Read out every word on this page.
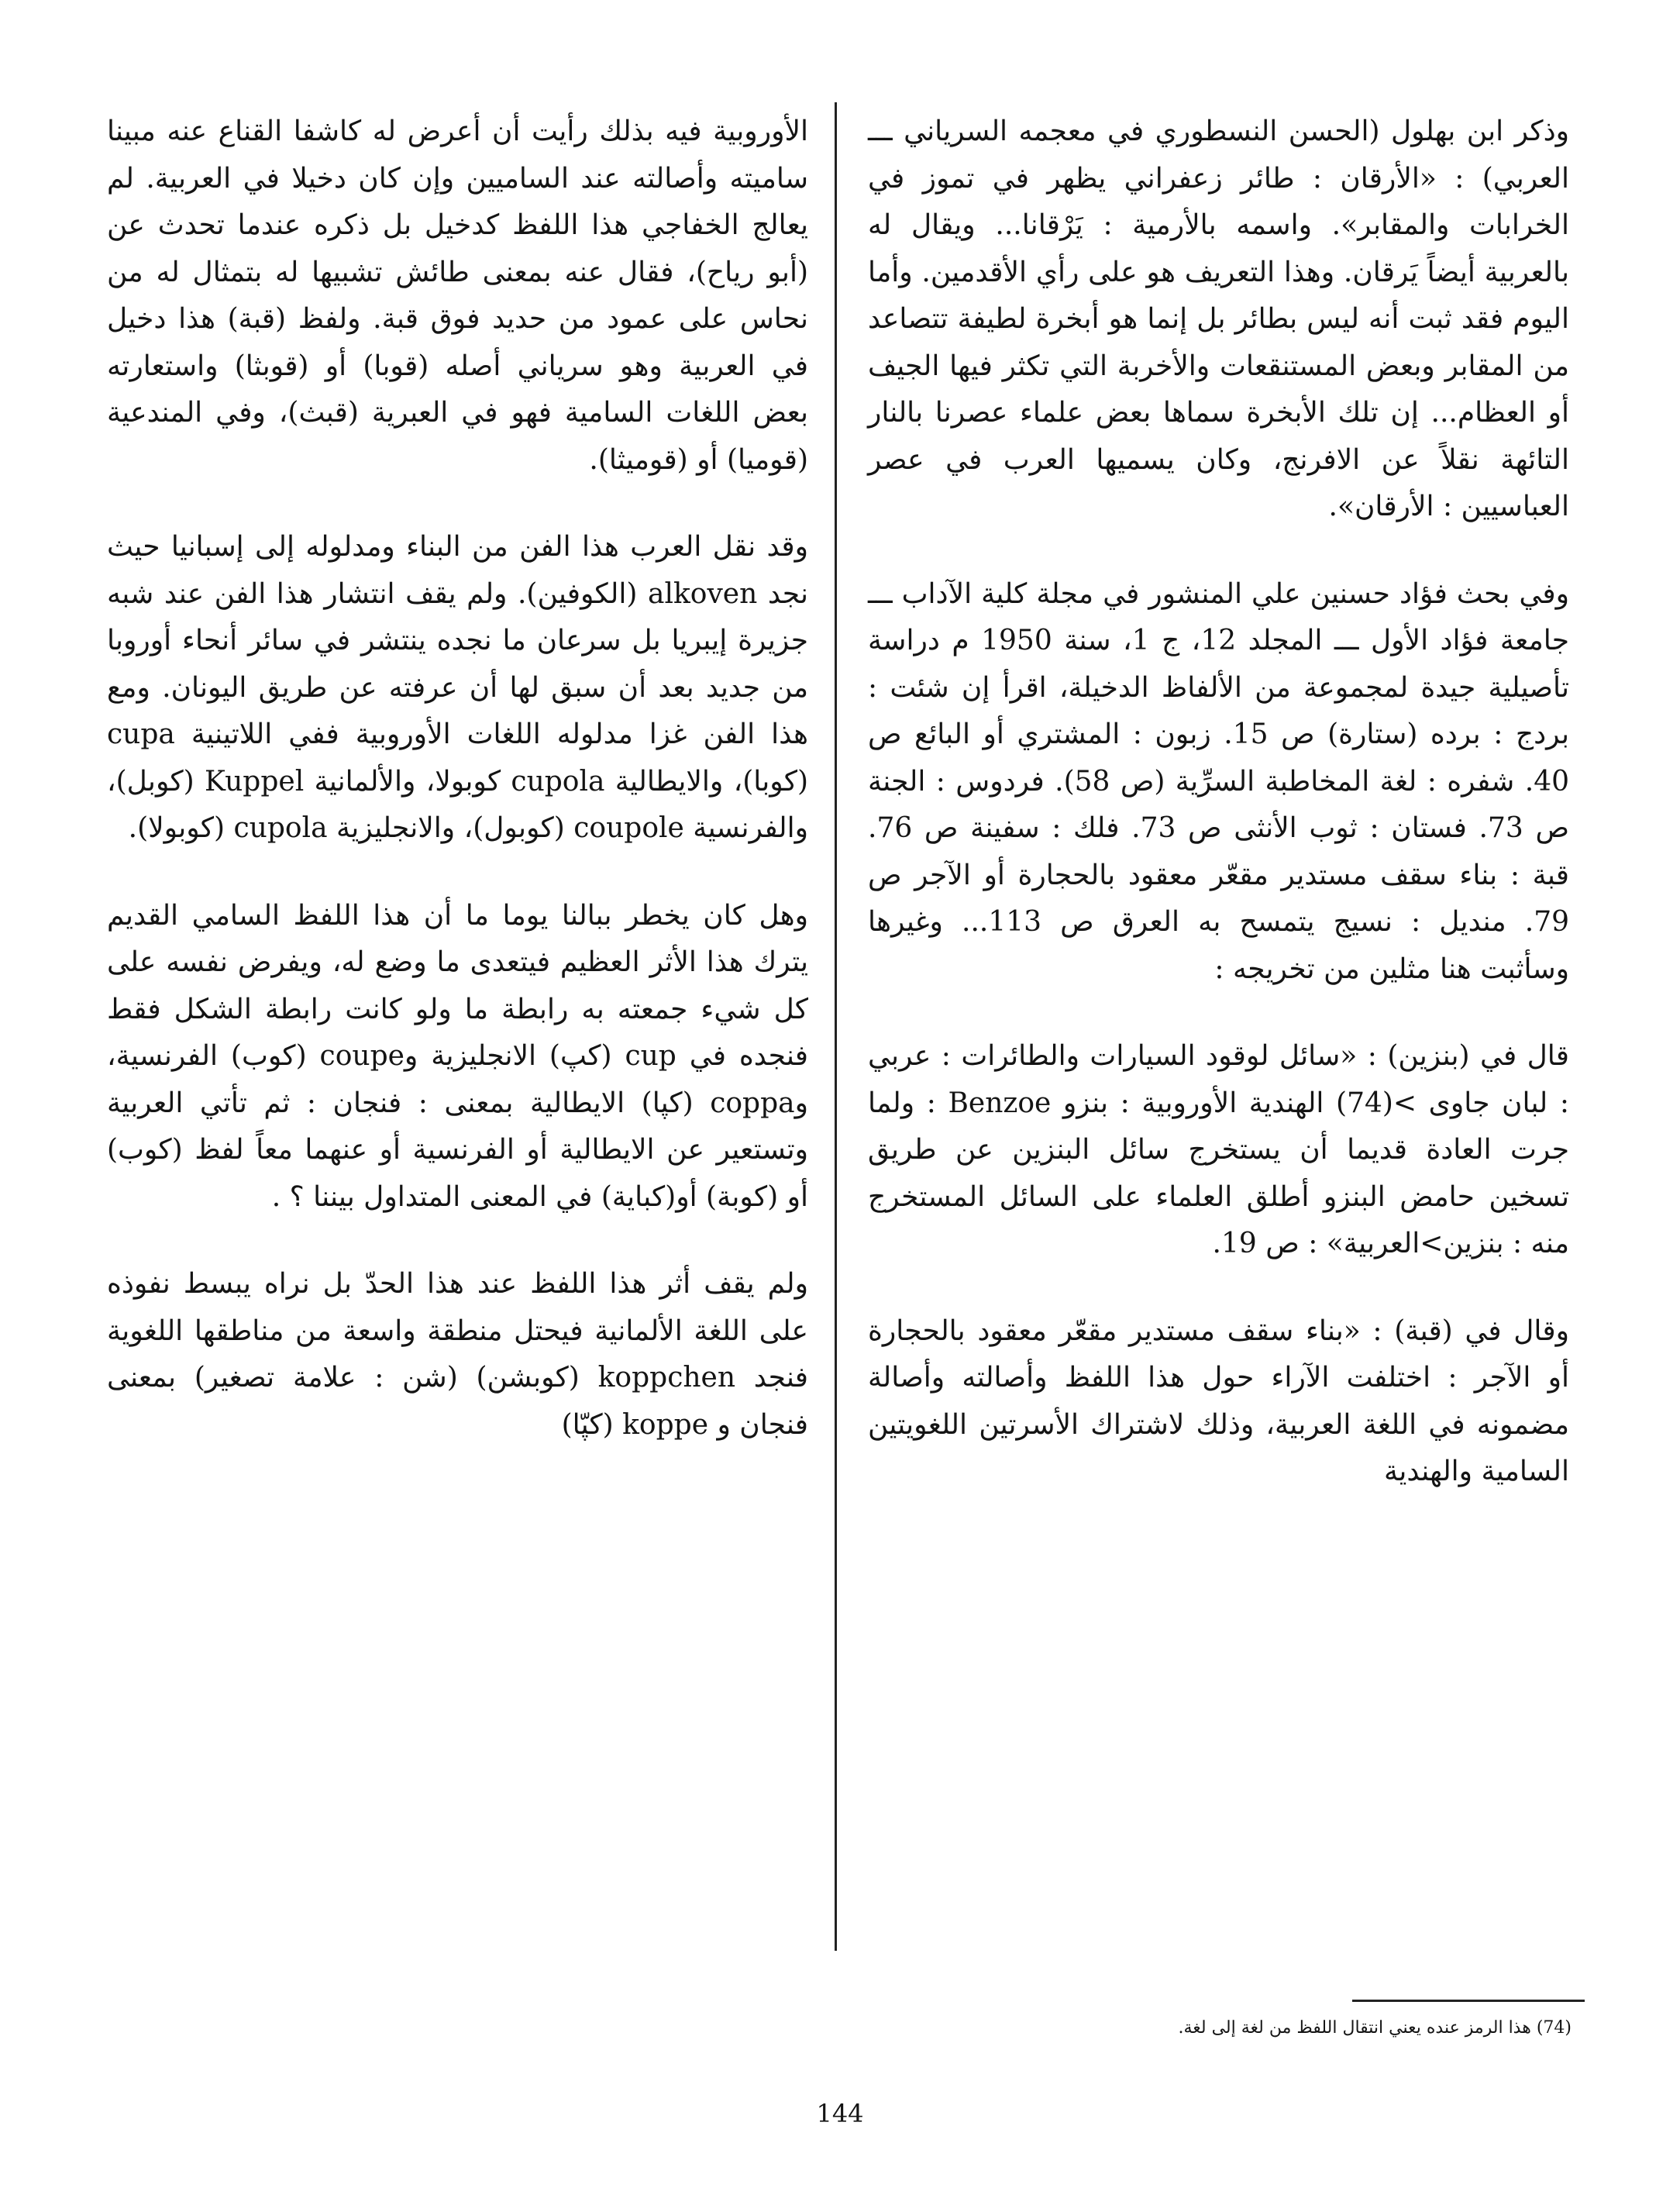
وذكر ابن بهلول (الحسن النسطوري في معجمه السرياني ـــ العربي) : «الأرقان : طائر زعفراني يظهر في تموز في الخرابات والمقابر». واسمه بالأرمية : يَرْقانا... ويقال له بالعربية أيضاً يَرقان. وهذا التعريف هو على رأي الأقدمين. وأما اليوم فقد ثبت أنه ليس بطائر بل إنما هو أبخرة لطيفة تتصاعد من المقابر وبعض المستنقعات والأخربة التي تكثر فيها الجيف أو العظام... إن تلك الأبخرة سماها بعض علماء عصرنا بالنار التائهة نقلاً عن الافرنج، وكان يسميها العرب في عصر العباسيين : الأرقان».

وفي بحث فؤاد حسنين علي المنشور في مجلة كلية الآداب ـــ جامعة فؤاد الأول ـــ المجلد 12، ج 1، سنة 1950 م دراسة تأصيلية جيدة لمجموعة من الألفاظ الدخيلة، اقرأ إن شئت : بردج : برده (ستارة) ص 15. زبون : المشتري أو البائع ص 40. شفره : لغة المخاطبة السرِّية (ص 58). فردوس : الجنة ص 73. فستان : ثوب الأنثى ص 73. فلك : سفينة ص 76. قبة : بناء سقف مستدير مقعّر معقود بالحجارة أو الآجر ص 79. منديل : نسيج يتمسح به العرق ص 113... وغيرها وسأثبت هنا مثلين من تخريجه :

قال في (بنزين) : «سائل لوقود السيارات والطائرات : عربي : لبان جاوى >(74) الهندية الأوروبية : بنزو Benzoe : ولما جرت العادة قديما أن يستخرج سائل البنزين عن طريق تسخين حامض البنزو أطلق العلماء على السائل المستخرج منه : بنزين>العربية» : ص 19.

وقال في (قبة) : «بناء سقف مستدير مقعّر معقود بالحجارة أو الآجر : اختلفت الآراء حول هذا اللفظ وأصالته وأصالة مضمونه في اللغة العربية، وذلك لاشتراك الأسرتين اللغويتين السامية والهندية

الأوروبية فيه بذلك رأيت أن أعرض له كاشفا القناع عنه مبينا ساميته وأصالته عند الساميين وإن كان دخيلا في العربية. لم يعالج الخفاجي هذا اللفظ كدخيل بل ذكره عندما تحدث عن (أبو رياح)، فقال عنه بمعنى طائش تشبيها له بتمثال له من نحاس على عمود من حديد فوق قبة. ولفظ (قبة) هذا دخيل في العربية وهو سرياني أصله (قوبا) أو (قوبثا) واستعارته بعض اللغات السامية فهو في العبرية (قبث)، وفي المندعية (قوميا) أو (قوميثا).

وقد نقل العرب هذا الفن من البناء ومدلوله إلى إسبانيا حيث نجد alkoven (الكوفين). ولم يقف انتشار هذا الفن عند شبه جزيرة إيبريا بل سرعان ما نجده ينتشر في سائر أنحاء أوروبا من جديد بعد أن سبق لها أن عرفته عن طريق اليونان. ومع هذا الفن غزا مدلوله اللغات الأوروبية ففي اللاتينية cupa (كوبا)، والايطالية cupola كوبولا، والألمانية Kuppel (كوبل)، والفرنسية coupole (كوبول)، والانجليزية cupola (كوبولا).

وهل كان يخطر ببالنا يوما ما أن هذا اللفظ السامي القديم يترك هذا الأثر العظيم فيتعدى ما وضع له، ويفرض نفسه على كل شيء جمعته به رابطة ما ولو كانت رابطة الشكل فقط فنجده في cup (كپ) الانجليزية وcoupe (كوب) الفرنسية، وcoppa (كپا) الايطالية بمعنى : فنجان : ثم تأتي العربية وتستعير عن الايطالية أو الفرنسية أو عنهما معاً لفظ (كوب) أو (كوبة) أو(كباية) في المعنى المتداول بيننا ؟ .

ولم يقف أثر هذا اللفظ عند هذا الحدّ بل نراه يبسط نفوذه على اللغة الألمانية فيحتل منطقة واسعة من مناطقها اللغوية فنجد koppchen (كوبشن) (شن : علامة تصغير) بمعنى فنجان و koppe (كپّا)

(74) هذا الرمز عنده يعني انتقال اللفظ من لغة إلى لغة.
144
